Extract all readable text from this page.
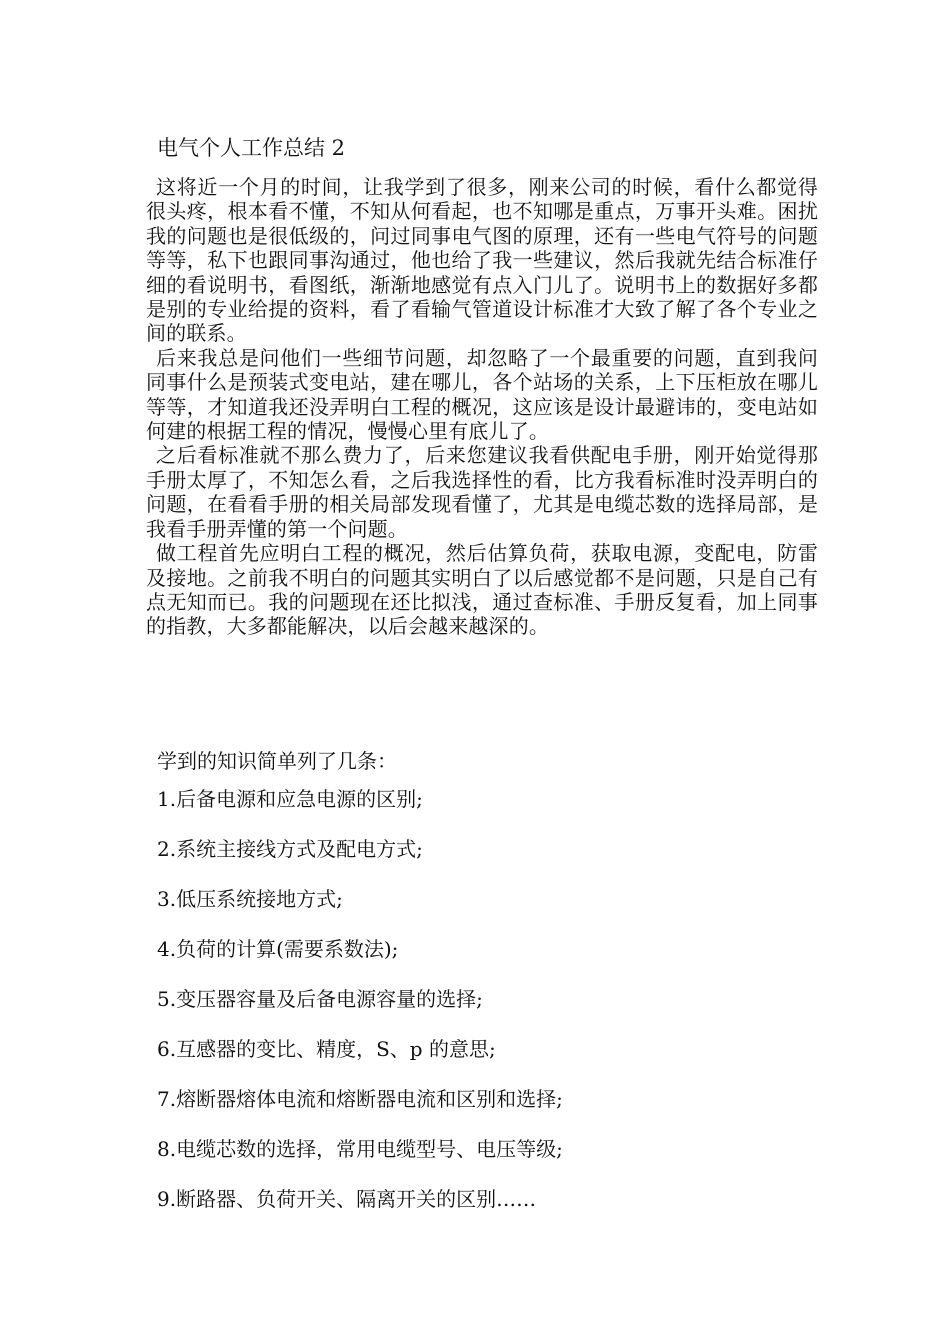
电气个人工作总结 2

这将近一个月的时间，让我学到了很多，刚来公司的时候，看什么都觉得很头疼，根本看不懂，不知从何看起，也不知哪是重点，万事开头难。困扰我的问题也是很低级的，问过同事电气图的原理，还有一些电气符号的问题等等，私下也跟同事沟通过，他也给了我一些建议，然后我就先结合标准仔细的看说明书，看图纸，渐渐地感觉有点入门儿了。说明书上的数据好多都是别的专业给提的资料，看了看输气管道设计标准才大致了解了各个专业之间的联系。

后来我总是问他们一些细节问题，却忽略了一个最重要的问题，直到我问同事什么是预装式变电站，建在哪儿，各个站场的关系，上下压柜放在哪儿等等，才知道我还没弄明白工程的概况，这应该是设计最避讳的，变电站如何建的根据工程的情况，慢慢心里有底儿了。

之后看标准就不那么费力了，后来您建议我看供配电手册，刚开始觉得那手册太厚了，不知怎么看，之后我选择性的看，比方我看标准时没弄明白的问题，在看看手册的相关局部发现看懂了，尤其是电缆芯数的选择局部，是我看手册弄懂的第一个问题。

做工程首先应明白工程的概况，然后估算负荷，获取电源，变配电，防雷及接地。之前我不明白的问题其实明白了以后感觉都不是问题，只是自己有点无知而已。我的问题现在还比拟浅，通过查标准、手册反复看，加上同事的指教，大多都能解决，以后会越来越深的。

学到的知识简单列了几条：
1.后备电源和应急电源的区别;
2.系统主接线方式及配电方式;
3.低压系统接地方式;
4.负荷的计算(需要系数法);
5.变压器容量及后备电源容量的选择;
6.互感器的变比、精度，S、p 的意思;
7.熔断器熔体电流和熔断器电流和区别和选择;
8.电缆芯数的选择，常用电缆型号、电压等级;
9.断路器、负荷开关、隔离开关的区别……
